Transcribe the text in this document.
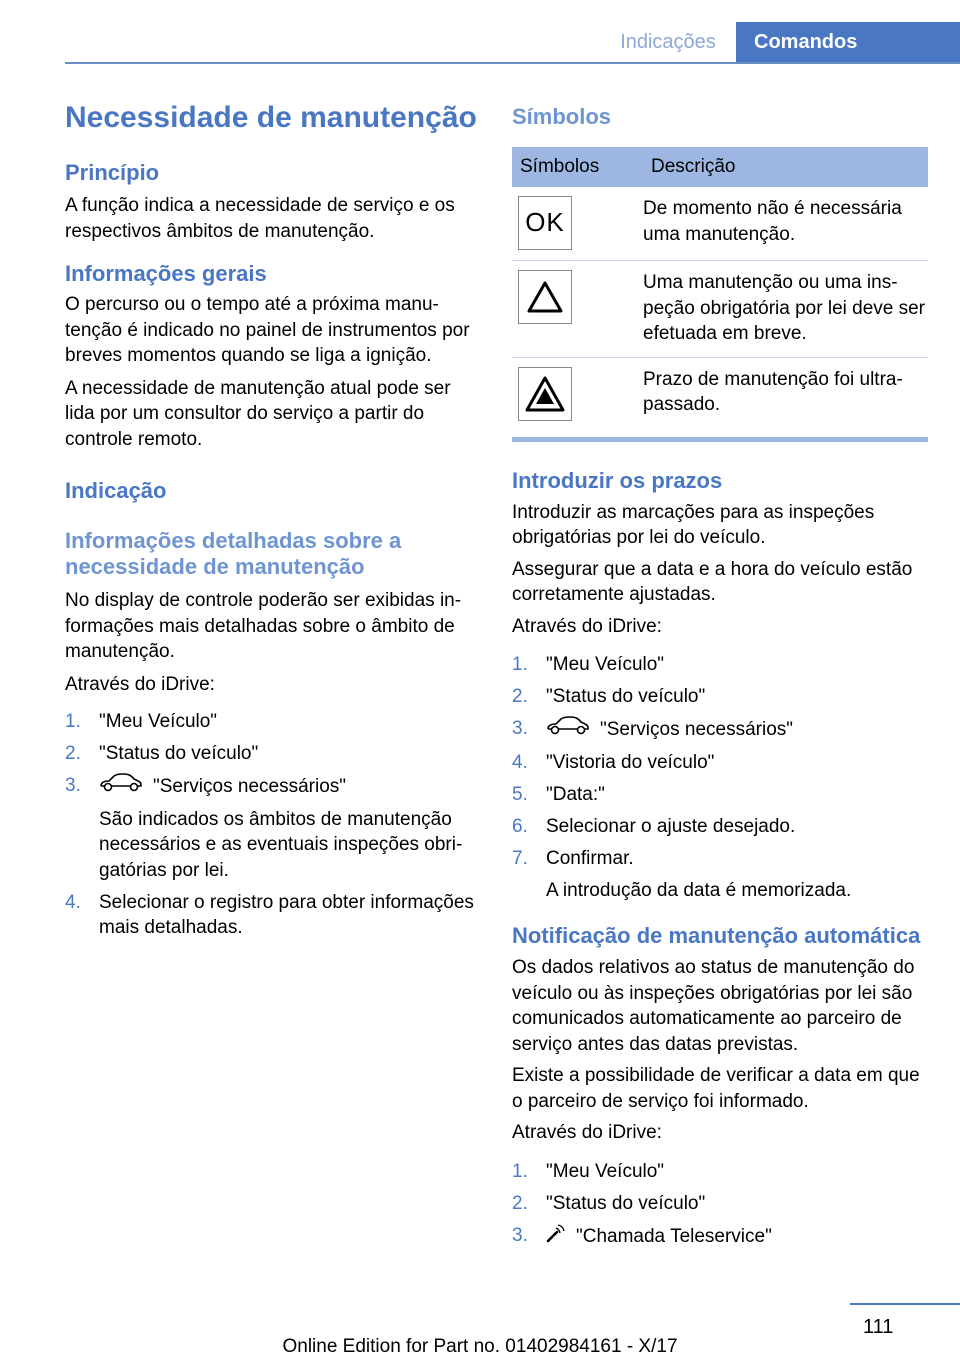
Indicações	Comandos
Necessidade de manutenção
Princípio

A função indica a necessidade de serviço e os respectivos âmbitos de manutenção.

Informações gerais

O percurso ou o tempo até a próxima manutenção é indicado no painel de instrumentos por breves momentos quando se liga a ignição.

A necessidade de manutenção atual pode ser lida por um consultor do serviço a partir do controle remoto.

Indicação
Informações detalhadas sobre a necessidade de manutenção

No display de controle poderão ser exibidas informações mais detalhadas sobre o âmbito de manutenção.

Através do iDrive:

1. "Meu Veículo"
2. "Status do veículo"
3.	"Serviços necessários"
São indicados os âmbitos de manutenção necessários e as eventuais inspeções obrigatórias por lei.
4. Selecionar o registro para obter informações mais detalhadas.
Símbolos
Símbolos	Descrição

OK	De momento não é necessária uma manutenção.

	Uma manutenção ou uma inspeção obrigatória por lei deve ser efetuada em breve.

	Prazo de manutenção foi ultrapassado.
Introduzir os prazos

Introduzir as marcações para as inspeções obrigatórias por lei do veículo.

Assegurar que a data e a hora do veículo estão corretamente ajustadas.

Através do iDrive:

1. "Meu Veículo"
2. "Status do veículo"
3.	"Serviços necessários"
4. "Vistoria do veículo"
5. "Data:"
6. Selecionar o ajuste desejado.
7. Confirmar.
A introdução da data é memorizada.
Notificação de manutenção automática

Os dados relativos ao status de manutenção do veículo ou às inspeções obrigatórias por lei são comunicados automaticamente ao parceiro de serviço antes das datas previstas.

Existe a possibilidade de verificar a data em que o parceiro de serviço foi informado.

Através do iDrive:

1. "Meu Veículo"
2. "Status do veículo"
3.	"Chamada Teleservice"
111
Online Edition for Part no. 01402984161 - X/17
